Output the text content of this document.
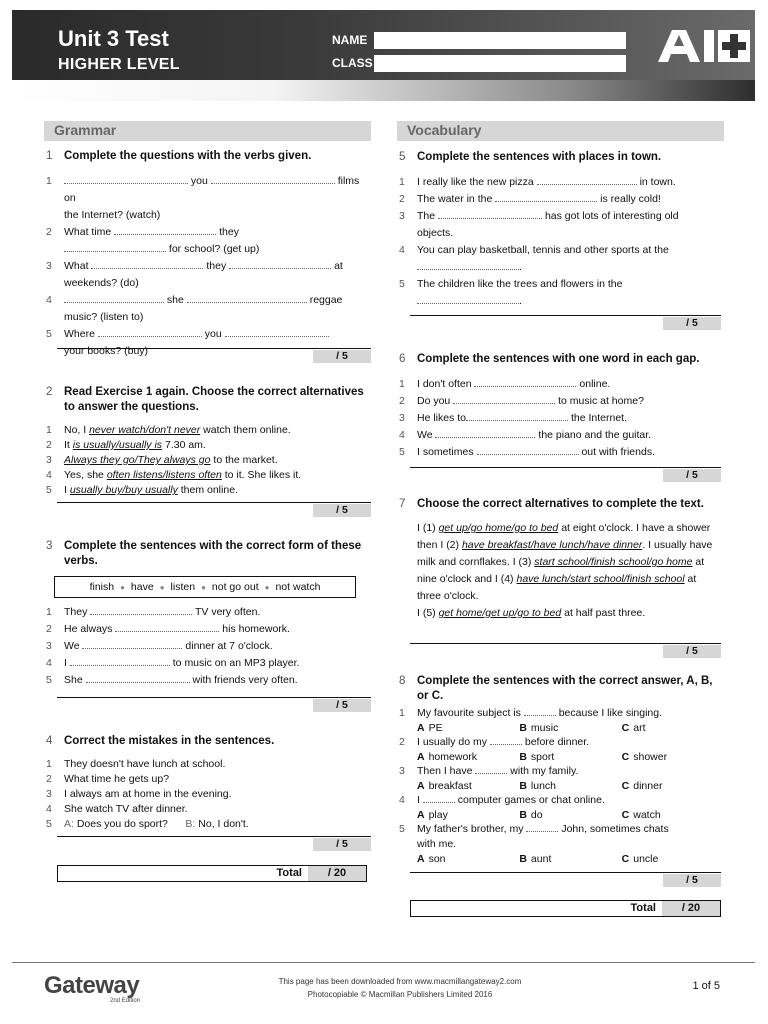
Unit 3 Test
HIGHER LEVEL
NAME
CLASS
Grammar	Vocabulary
1	Complete the questions with the verbs given.
1	you	films on
the Internet? (watch)
2	What time	they
for school? (get up)
3	What	they	at
weekends? (do)
4	she	reggae
music? (listen to)
5	Where	you
your books? (buy)	/ 5
2	Read Exercise 1 again. Choose the correct alternatives to answer the questions.
1	No, I never watch/don't never watch them online.
2	It is usually/usually is 7.30 am.
3	Always they go/They always go to the market.
4	Yes, she often listens/listens often to it. She likes it.
5	I usually buy/buy usually them online.
/ 5
3	Complete the sentences with the correct form of these verbs.
finish ● have ● listen ● not go out ● not watch
1	They	TV very often.
2	He always	his homework.
3	We	dinner at 7 o'clock.
4	I	to music on an MP3 player.
5	She	with friends very often.
/ 5
4	Correct the mistakes in the sentences.
1	They doesn't have lunch at school.
2	What time he gets up?
3	I always am at home in the evening.
4	She watch TV after dinner.
5	A: Does you do sport? B: No, I don't.
/ 5
Total	/ 20
5	Complete the sentences with places in town.
1	I really like the new pizza	in town.
2	The water in the	is really cold!
3	The	has got lots of interesting old
objects.
4	You can play basketball, tennis and other sports at the
.
5	The children like the trees and flowers in the
.
/ 5
6	Complete the sentences with one word in each gap.
1	I don't often	online.
2	Do you	to music at home?
3	He likes to	the Internet.
4	We	the piano and the guitar.
5	I sometimes	out with friends.
/ 5
7	Choose the correct alternatives to complete the text.
I (1) get up/go home/go to bed at eight o'clock. I have a shower then I (2) have breakfast/have lunch/have dinner. I usually have milk and cornflakes. I (3) start school/finish school/go home at nine o'clock and I (4) have lunch/start school/finish school at three o'clock.
I (5) get home/get up/go to bed at half past three.
/ 5
8	Complete the sentences with the correct answer, A, B, or C.
1	My favourite subject is	because I like singing.
A PE	B music	C art
2	I usually do my	before dinner.
A homework	B sport	C shower
3	Then I have	with my family.
A breakfast	B lunch	C dinner
4	I	computer games or chat online.
A play	B do	C watch
5	My father's brother, my	John, sometimes chats
with me.
A son	B aunt	C uncle
/ 5
Total	/ 20
Gateway
2nd Edition
This page has been downloaded from www.macmillangateway2.com
Photocopiable © Macmillan Publishers Limited 2016
1 of 5
